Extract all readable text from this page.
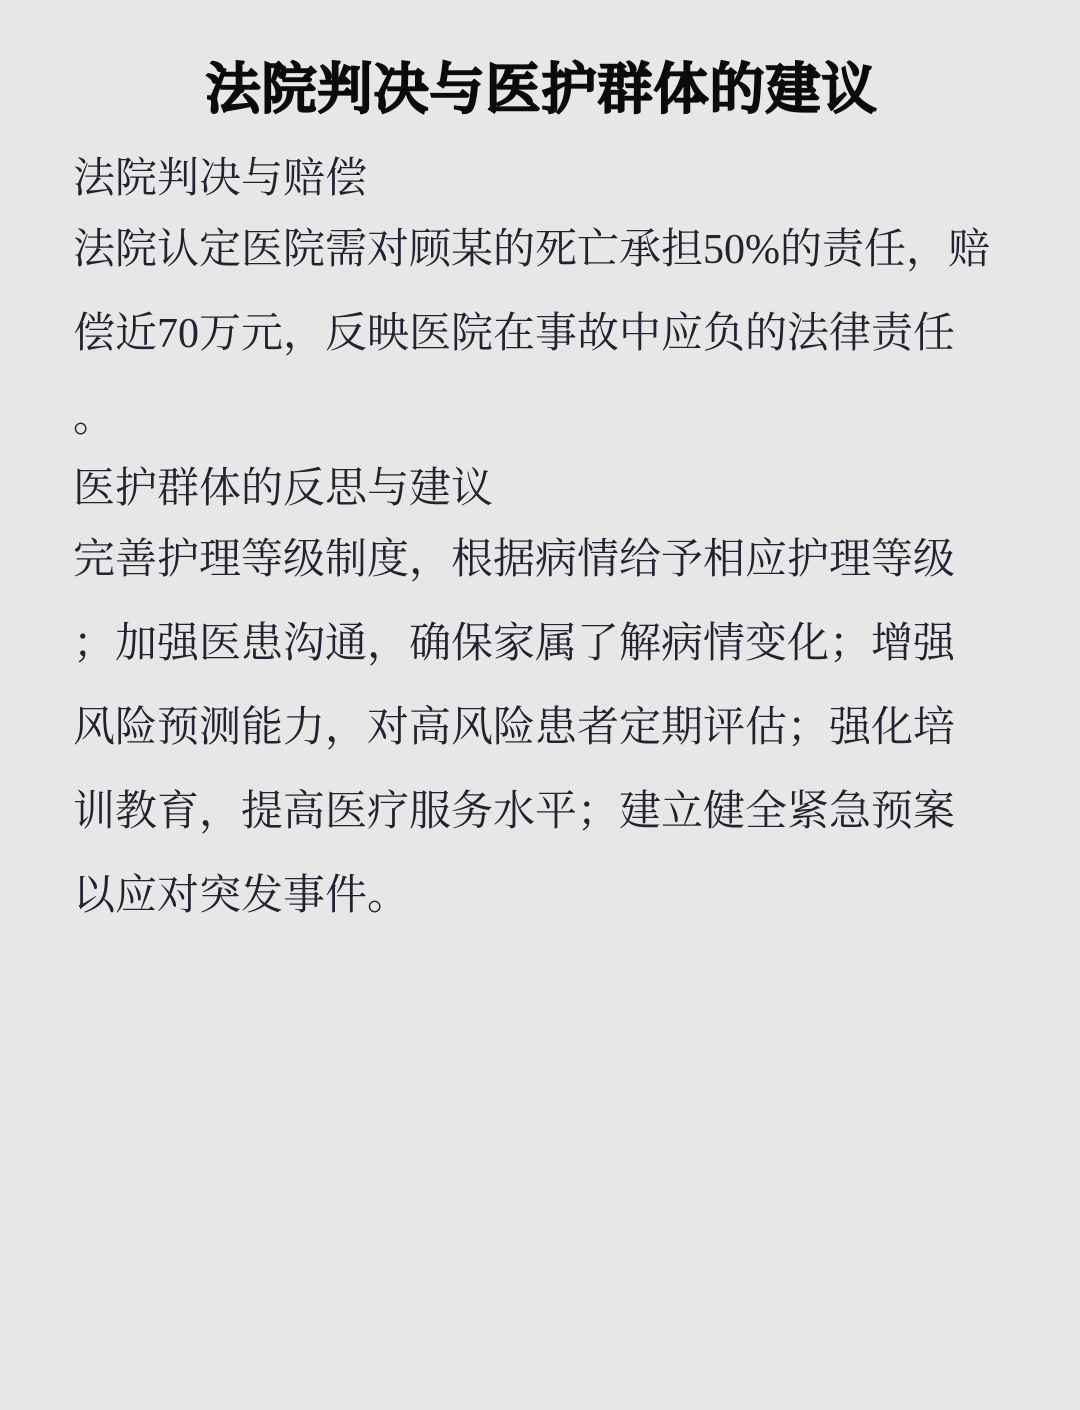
法院判决与医护群体的建议
法院判决与赔偿
法院认定医院需对顾某的死亡承担50%的责任，赔
偿近70万元，反映医院在事故中应负的法律责任
。
医护群体的反思与建议
完善护理等级制度，根据病情给予相应护理等级
；加强医患沟通，确保家属了解病情变化；增强
风险预测能力，对高风险患者定期评估；强化培
训教育，提高医疗服务水平；建立健全紧急预案
以应对突发事件。
